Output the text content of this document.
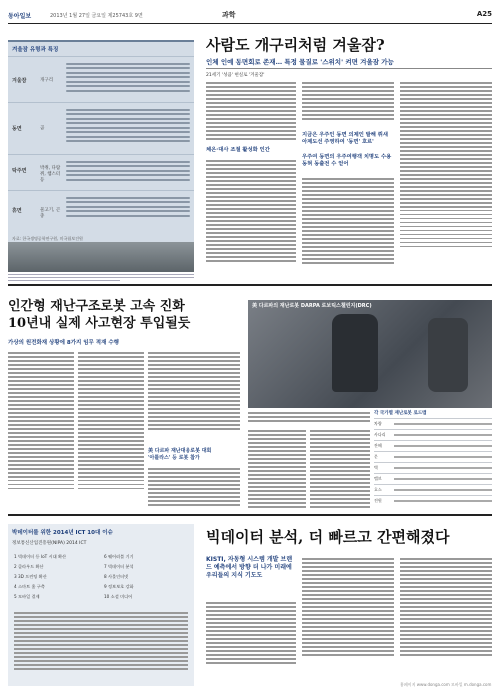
동아일보	2013년 1월 27일 금요일 제25743호 9면	과학	A25
겨울잠 유형과 특징
겨울잠	개구리
동면	곰
탁주면	박쥐, 다람쥐, 햄스터 등
휴면	물고기, 곤충
자료: 한국생명공학연구원, 미국립보건원
사람도 개구리처럼 겨울잠?
인체 인예 동면회로 존재… 특정 물질로 '스위치' 켜면 겨울잠 가능
21세기 '성큼' 현실로 '겨울잠'
체온·대사 조절 활성화 인간
지금은 우주인 동면 의제인 발해 뤼새 아제도선 주영하여 '동면' 호르'
우주여 동면의 우주여행객 치명도 수용 동혀 동출전 수 얻어
인간형 재난구조로봇 고속 진화
10년내 실제 사고현장 투입될듯
가상의 원전화재 상황에 8가지 임무 적재 수행
美 다르파 재난대응로봇 대회
'아틀라스' 등 로봇 참가
美 다르파의 재난로봇 DARPA 로보틱스챌린지(DRC)
각 국가별 재난로봇 로드맵
차량
사다리
잔해
문
벽
밸브
호스
전원
박데이터를 위한 2014년 ICT 10대 이슈
정보통신산업진흥원(NIPA) 2014 ICT
1 빅데이터 등 IoT 시대 확산
2 클라우드 확산
3 3D 프린팅 확산
4 스마트 홈 구축
5 모바일 결제
6 웨어러블 기기
7 빅데이터 분석
8 사물인터넷
9 정보보호 강화
10 소셜 미디어
빅데이터 분석, 더 빠르고 간편해졌다
KISTI, 자동형 시스템 개발 브랜드 예측에서 방향 더 나가 미래에 우리들의 지식 기도도
홈페이지 www.donga.com 모바일 m.donga.com
